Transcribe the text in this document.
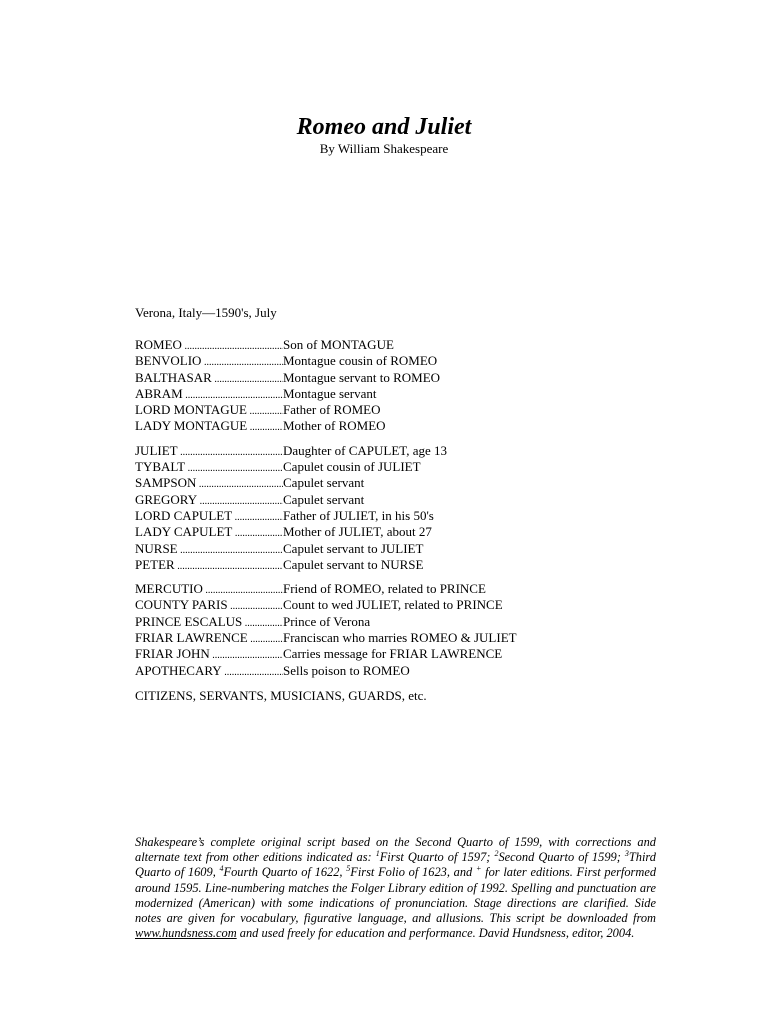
Romeo and Juliet
By William Shakespeare
Verona, Italy—1590's, July
ROMEO .....	Son of MONTAGUE
BENVOLIO .....	Montague cousin of ROMEO
BALTHASAR .....	Montague servant to ROMEO
ABRAM .....	Montague servant
LORD MONTAGUE .....	Father of ROMEO
LADY MONTAGUE .....	Mother of ROMEO
JULIET .....	Daughter of CAPULET, age 13
TYBALT .....	Capulet cousin of JULIET
SAMPSON .....	Capulet servant
GREGORY .....	Capulet servant
LORD CAPULET .....	Father of JULIET, in his 50's
LADY CAPULET .....	Mother of JULIET, about 27
NURSE .....	Capulet servant to JULIET
PETER .....	Capulet servant to NURSE
MERCUTIO .....	Friend of ROMEO, related to PRINCE
COUNTY PARIS .....	Count to wed JULIET, related to PRINCE
PRINCE ESCALUS .....	Prince of Verona
FRIAR LAWRENCE .....	Franciscan who marries ROMEO & JULIET
FRIAR JOHN .....	Carries message for FRIAR LAWRENCE
APOTHECARY .....	Sells poison to ROMEO
CITIZENS, SERVANTS, MUSICIANS, GUARDS, etc.
Shakespeare’s complete original script based on the Second Quarto of 1599, with corrections and alternate text from other editions indicated as: $^1$First Quarto of 1597; $^2$Second Quarto of 1599; $^3$Third Quarto of 1609, $^4$Fourth Quarto of 1622, $^5$First Folio of 1623, and + for later editions. First performed around 1595. Line-numbering matches the Folger Library edition of 1992. Spelling and punctuation are modernized (American) with some indications of pronunciation. Stage directions are clarified. Side notes are given for vocabulary, figurative language, and allusions. This script be downloaded from www.hundsness.com and used freely for education and performance. David Hundsness, editor, 2004.
